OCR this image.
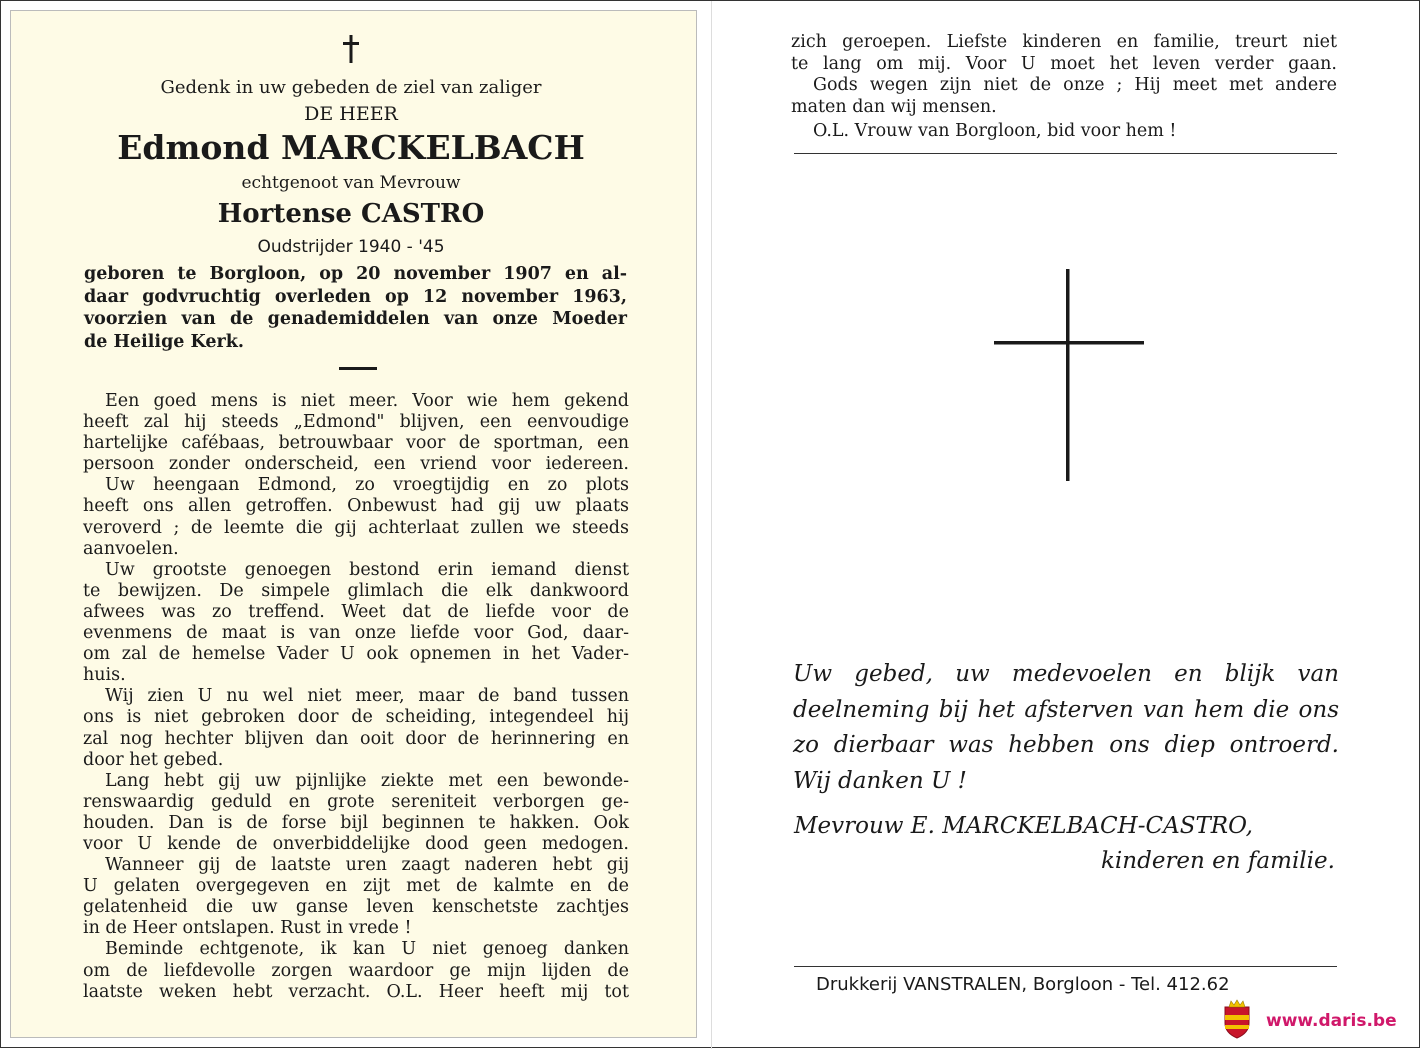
Gedenk in uw gebeden de ziel van zaliger

DE HEER

Edmond MARCKELBACH

echtgenoot van Mevrouw

Hortense CASTRO

Oudstrijder 1940 - '45

geboren te Borgloon, op 20 november 1907 en al-

daar godvruchtig overleden op 12 november 1963,

voorzien van de genademiddelen van onze Moeder

de Heilige Kerk.

Een goed mens is niet meer. Voor wie hem gekend

heeft zal hij steeds „Edmond" blijven, een eenvoudige

hartelijke cafébaas, betrouwbaar voor de sportman, een

persoon zonder onderscheid, een vriend voor iedereen.

Uw heengaan Edmond, zo vroegtijdig en zo plots

heeft ons allen getroffen. Onbewust had gij uw plaats

veroverd ; de leemte die gij achterlaat zullen we steeds

aanvoelen.

Uw grootste genoegen bestond erin iemand dienst

te bewijzen. De simpele glimlach die elk dankwoord

afwees was zo treffend. Weet dat de liefde voor de

evenmens de maat is van onze liefde voor God, daar-

om zal de hemelse Vader U ook opnemen in het Vader-

huis.

Wij zien U nu wel niet meer, maar de band tussen

ons is niet gebroken door de scheiding, integendeel hij

zal nog hechter blijven dan ooit door de herinnering en

door het gebed.

Lang hebt gij uw pijnlijke ziekte met een bewonde-

renswaardig geduld en grote sereniteit verborgen ge-

houden. Dan is de forse bijl beginnen te hakken. Ook

voor U kende de onverbiddelijke dood geen medogen.

Wanneer gij de laatste uren zaagt naderen hebt gij

U gelaten overgegeven en zijt met de kalmte en de

gelatenheid die uw ganse leven kenschetste zachtjes

in de Heer ontslapen. Rust in vrede !

Beminde echtgenote, ik kan U niet genoeg danken

om de liefdevolle zorgen waardoor ge mijn lijden de

laatste weken hebt verzacht. O.L. Heer heeft mij tot

zich geroepen. Liefste kinderen en familie, treurt niet

te lang om mij. Voor U moet het leven verder gaan.

Gods wegen zijn niet de onze ; Hij meet met andere

maten dan wij mensen.

O.L. Vrouw van Borgloon, bid voor hem !

Uw gebed, uw medevoelen en blijk van

deelneming bij het afsterven van hem die ons

zo dierbaar was hebben ons diep ontroerd.

Wij danken U !

Mevrouw E. MARCKELBACH-CASTRO,

kinderen en familie.

Drukkerij VANSTRALEN, Borgloon - Tel. 412.62

www.daris.be
